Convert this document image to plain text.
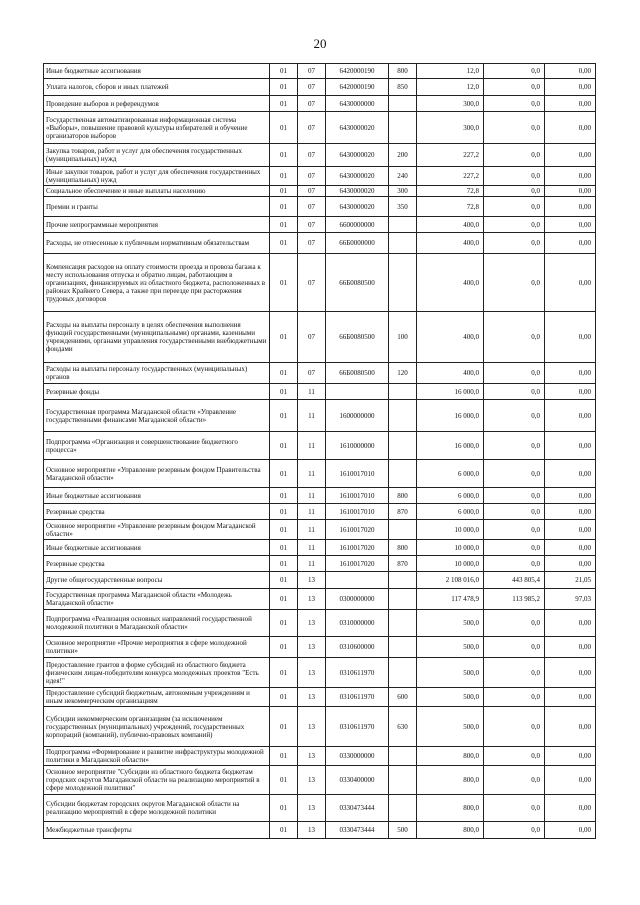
20
Иные бюджетные ассигнования	01	07	6420000190	800	12,0	0,0	0,00
Уплата налогов, сборов и иных платежей	01	07	6420000190	850	12,0	0,0	0,00
Проведение выборов и референдумов	01	07	6430000000		300,0	0,0	0,00
Государственная автоматизированная информационная система «Выборы», повышение правовой культуры избирателей и обучение организаторов выборов	01	07	6430000020		300,0	0,0	0,00
Закупка товаров, работ и услуг для обеспечения государственных (муниципальных) нужд	01	07	6430000020	200	227,2	0,0	0,00
Иные закупки товаров, работ и услуг для обеспечения государственных (муниципальных) нужд	01	07	6430000020	240	227,2	0,0	0,00
Социальное обеспечение и иные выплаты населению	01	07	6430000020	300	72,8	0,0	0,00
Премии и гранты	01	07	6430000020	350	72,8	0,0	0,00
Прочие непрограммные мероприятия	01	07	6600000000		400,0	0,0	0,00
Расходы, не отнесенные к публичным нормативным обязательствам	01	07	66Б0000000		400,0	0,0	0,00
Компенсация расходов на оплату стоимости проезда и провоза багажа к месту использования отпуска и обратно лицам, работающим в организациях, финансируемых из областного бюджета, расположенных в районах Крайнего Севера, а также при переезде при расторжения трудовых договоров	01	07	66Б0080500		400,0	0,0	0,00
Расходы на выплаты персоналу в целях обеспечения выполнения функций государственными (муниципальными) органами, казенными учреждениями, органами управления государственными внебюджетными фондами	01	07	66Б0080500	100	400,0	0,0	0,00
Расходы на выплаты персоналу государственных (муниципальных) органов	01	07	66Б0080500	120	400,0	0,0	0,00
Резервные фонды	01	11			16 000,0	0,0	0,00
Государственная программа Магаданской области «Управление государственными финансами Магаданской области»	01	11	1600000000		16 000,0	0,0	0,00
Подпрограмма «Организация и совершенствование бюджетного процесса»	01	11	1610000000		16 000,0	0,0	0,00
Основное мероприятие «Управление резервным фондом Правительства Магаданской области»	01	11	1610017010		6 000,0	0,0	0,00
Иные бюджетные ассигнования	01	11	1610017010	800	6 000,0	0,0	0,00
Резервные средства	01	11	1610017010	870	6 000,0	0,0	0,00
Основное мероприятие «Управление резервным фондом Магаданской области»	01	11	1610017020		10 000,0	0,0	0,00
Иные бюджетные ассигнования	01	11	1610017020	800	10 000,0	0,0	0,00
Резервные средства	01	11	1610017020	870	10 000,0	0,0	0,00
Другие общегосударственные вопросы	01	13			2 108 016,0	443 805,4	21,05
Государственная программа Магаданской области «Молодежь Магаданской области»	01	13	0300000000		117 478,9	113 985,2	97,03
Подпрограмма «Реализация основных направлений государственной молодежной политики в Магаданской области»	01	13	0310000000		500,0	0,0	0,00
Основное мероприятие «Прочие мероприятия в сфере молодежной политики»	01	13	0310600000		500,0	0,0	0,00
Предоставление грантов в форме субсидий из областного бюджета физическим лицам-победителям конкурса молодежных проектов "Есть идея!"	01	13	0310611970		500,0	0,0	0,00
Предоставление субсидий бюджетным, автономным учреждениям и иным некоммерческим организациям	01	13	0310611970	600	500,0	0,0	0,00
Субсидии некоммерческим организациям (за исключением государственных (муниципальных) учреждений, государственных корпораций (компаний), публично-правовых компаний)	01	13	0310611970	630	500,0	0,0	0,00
Подпрограмма «Формирование и развитие инфраструктуры молодежной политики в Магаданской области»	01	13	0330000000		800,0	0,0	0,00
Основное мероприятие "Субсидии из областного бюджета бюджетам городских округов Магаданской области на реализацию мероприятий в сфере молодежной политики"	01	13	0330400000		800,0	0,0	0,00
Субсидии бюджетам городских округов Магаданской области на реализацию мероприятий в сфере молодежной политики	01	13	0330473444		800,0	0,0	0,00
Межбюджетные трансферты	01	13	0330473444	500	800,0	0,0	0,00
